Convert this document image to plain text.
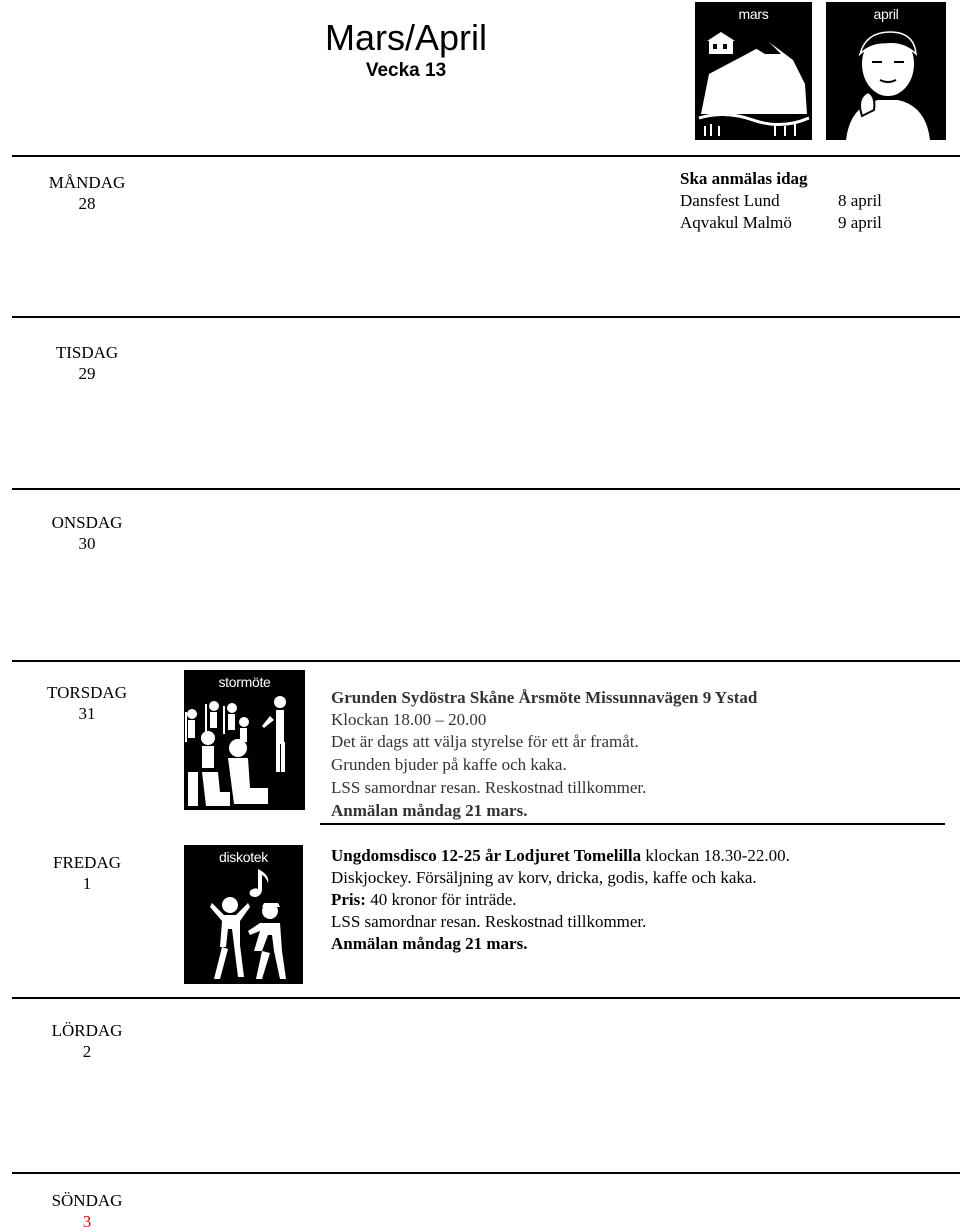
Mars/April
Vecka 13
mars	april
MÅNDAG
28
Ska anmälas idag
Dansfest Lund	8 april
Aqvakul Malmö	9 april
TISDAG
29
ONSDAG
30
TORSDAG
31
stormöte
Grunden Sydöstra Skåne Årsmöte Missunnavägen 9 Ystad
Klockan 18.00 – 20.00
Det är dags att välja styrelse för ett år framåt.
Grunden bjuder på kaffe och kaka.
LSS samordnar resan. Reskostnad tillkommer.
Anmälan måndag 21 mars.
FREDAG
1
diskotek	Ungdomsdisco 12-25 år Lodjuret Tomelilla klockan 18.30-22.00.
Diskjockey. Försäljning av korv, dricka, godis, kaffe och kaka.
Pris: 40 kronor för inträde.
LSS samordnar resan. Reskostnad tillkommer.
Anmälan måndag 21 mars.
LÖRDAG
2
SÖNDAG
3
